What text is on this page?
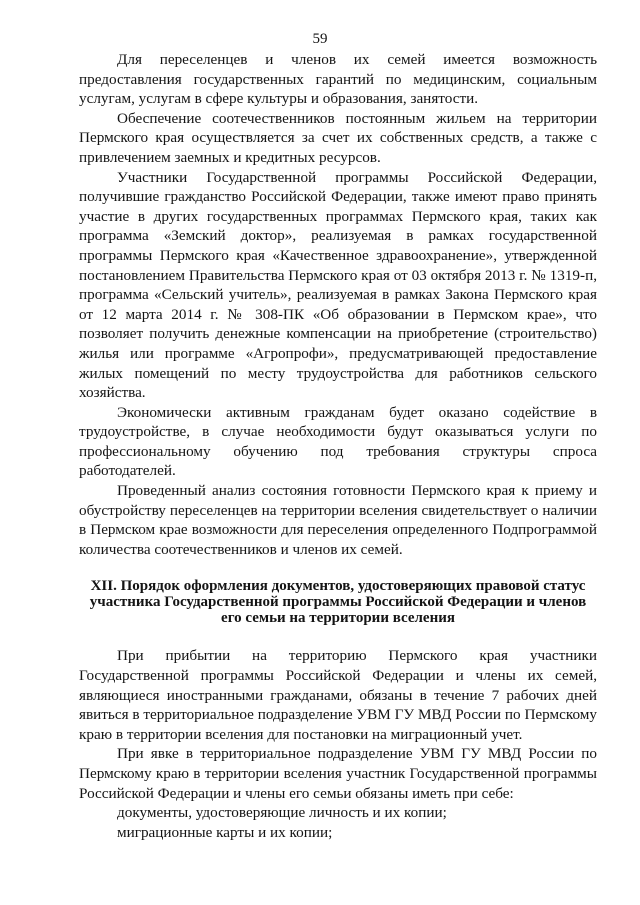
59

Для переселенцев и членов их семей имеется возможность предоставления государственных гарантий по медицинским, социальным услугам, услугам в сфере культуры и образования, занятости.

Обеспечение соотечественников постоянным жильем на территории Пермского края осуществляется за счет их собственных средств, а также с привлечением заемных и кредитных ресурсов.

Участники Государственной программы Российской Федерации, получившие гражданство Российской Федерации, также имеют право принять участие в других государственных программах Пермского края, таких как программа «Земский доктор», реализуемая в рамках государственной программы Пермского края «Качественное здравоохранение», утвержденной постановлением Правительства Пермского края от 03 октября 2013 г. № 1319-п, программа «Сельский учитель», реализуемая в рамках Закона Пермского края от 12 марта 2014 г. № 308-ПК «Об образовании в Пермском крае», что позволяет получить денежные компенсации на приобретение (строительство) жилья или программе «Агропрофи», предусматривающей предоставление жилых помещений по месту трудоустройства для работников сельского хозяйства.

Экономически активным гражданам будет оказано содействие в трудоустройстве, в случае необходимости будут оказываться услуги по профессиональному обучению под требования структуры спроса работодателей.

Проведенный анализ состояния готовности Пермского края к приему и обустройству переселенцев на территории вселения свидетельствует о наличии в Пермском крае возможности для переселения определенного Подпрограммой количества соотечественников и членов их семей.

XII. Порядок оформления документов, удостоверяющих правовой статус участника Государственной программы Российской Федерации и членов его семьи на территории вселения

При прибытии на территорию Пермского края участники Государственной программы Российской Федерации и члены их семей, являющиеся иностранными гражданами, обязаны в течение 7 рабочих дней явиться в территориальное подразделение УВМ ГУ МВД России по Пермскому краю в территории вселения для постановки на миграционный учет.

При явке в территориальное подразделение УВМ ГУ МВД России по Пермскому краю в территории вселения участник Государственной программы Российской Федерации и члены его семьи обязаны иметь при себе:

документы, удостоверяющие личность и их копии;

миграционные карты и их копии;
